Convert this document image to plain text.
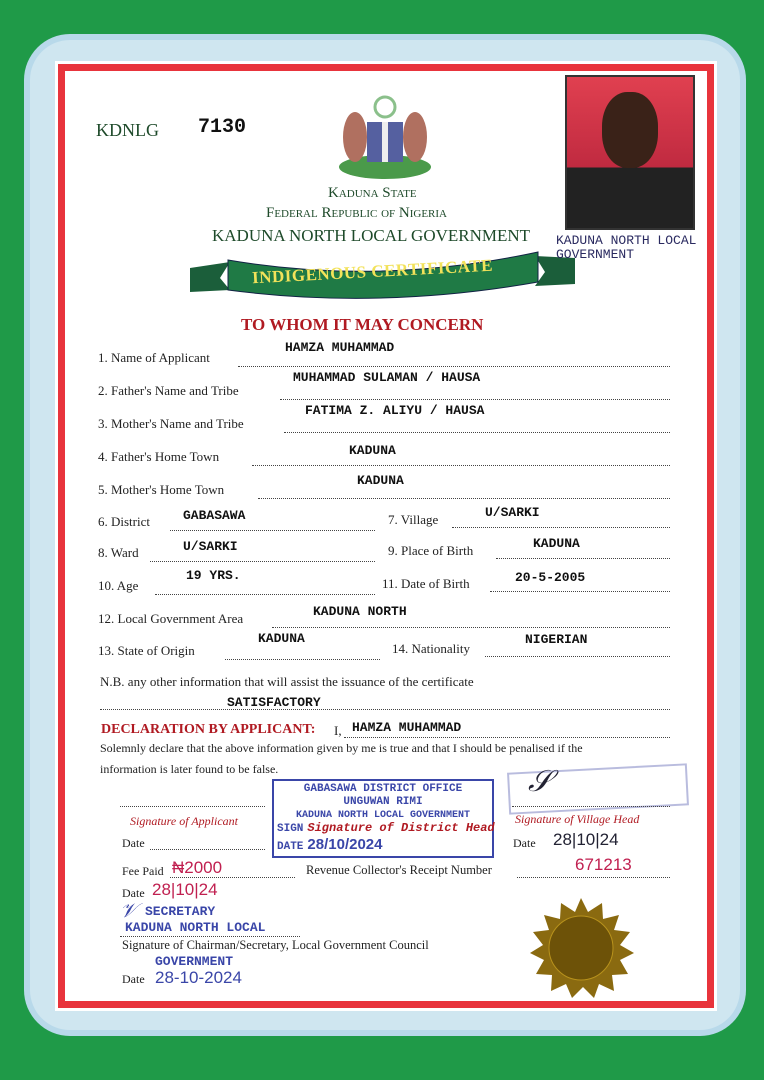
KDNLG 7130
Kaduna State
Federal Republic of Nigeria
KADUNA NORTH LOCAL GOVERNMENT
INDIGENOUS CERTIFICATE
TO WHOM IT MAY CONCERN
KADUNA NORTH LOCAL GOVERNMENT
1. Name of Applicant
HAMZA MUHAMMAD
2. Father's Name and Tribe
MUHAMMAD SULAMAN / HAUSA
3. Mother's Name and Tribe
FATIMA Z. ALIYU / HAUSA
4. Father's Home Town	KADUNA
5. Mother's Home Town
KADUNA
6. District	GABASAWA	7. Village	U/SARKI
8. Ward	U/SARKI	9. Place of Birth	KADUNA
10. Age
19 YRS.
11. Date of Birth	20-5-2005
12. Local Government Area	KADUNA NORTH
13. State of Origin
KADUNA
14. Nationality
NIGERIAN
N.B. any other information that will assist the issuance of the certificate
SATISFACTORY
DECLARATION BY APPLICANT: I, HAMZA MUHAMMAD
Solemnly declare that the above information given by me is true and that I should be penalised if the
information is later found to be false.
Signature of Applicant
Date
GABASAWA DISTRICT OFFICE
UNGUWAN RIMI
KADUNA NORTH LOCAL GOVERNMENT
SIGN Signature of District Head
DATE 28/10/2024
𝒮
Signature of Village Head
Date 28|10|24
Fee Paid ₦2000	Revenue Collector's Receipt Number	671213
Date 28|10|24
𝒱 SECRETARY
KADUNA NORTH LOCAL
Signature of Chairman/Secretary, Local Government Council
GOVERNMENT
Date 28-10-2024
